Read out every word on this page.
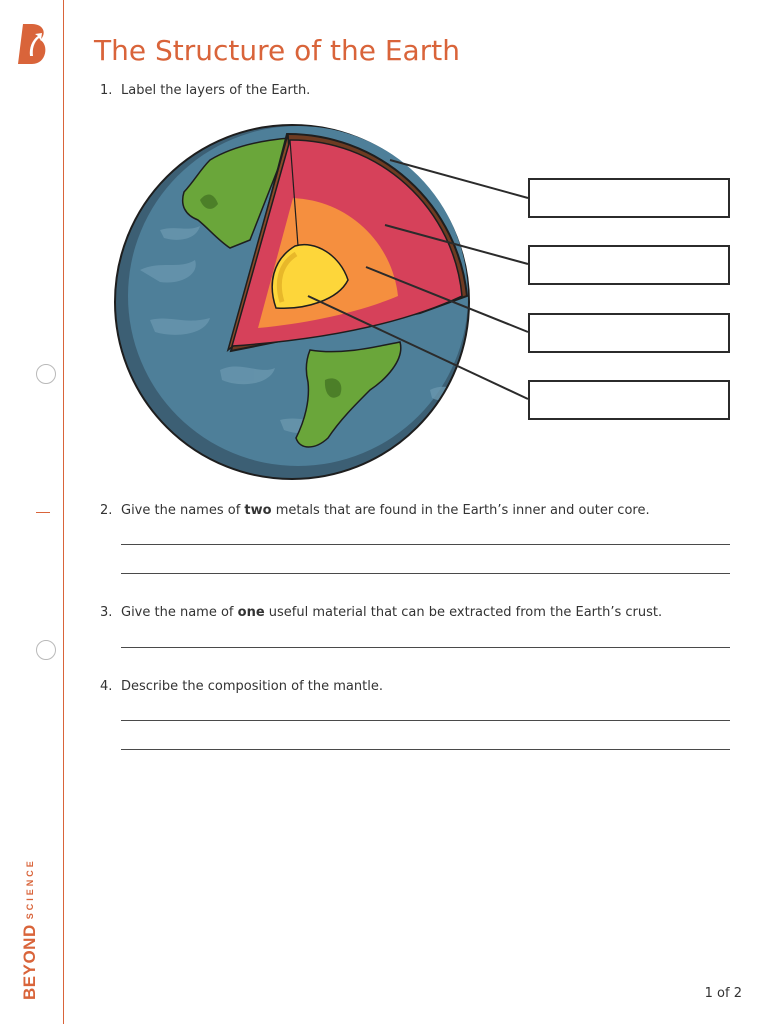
BEYONDSCIENCE
The Structure of the Earth
1. Label the layers of the Earth.
2. Give the names of two metals that are found in the Earth’s inner and outer core.
3. Give the name of one useful material that can be extracted from the Earth’s crust.
4. Describe the composition of the mantle.
1 of 2
